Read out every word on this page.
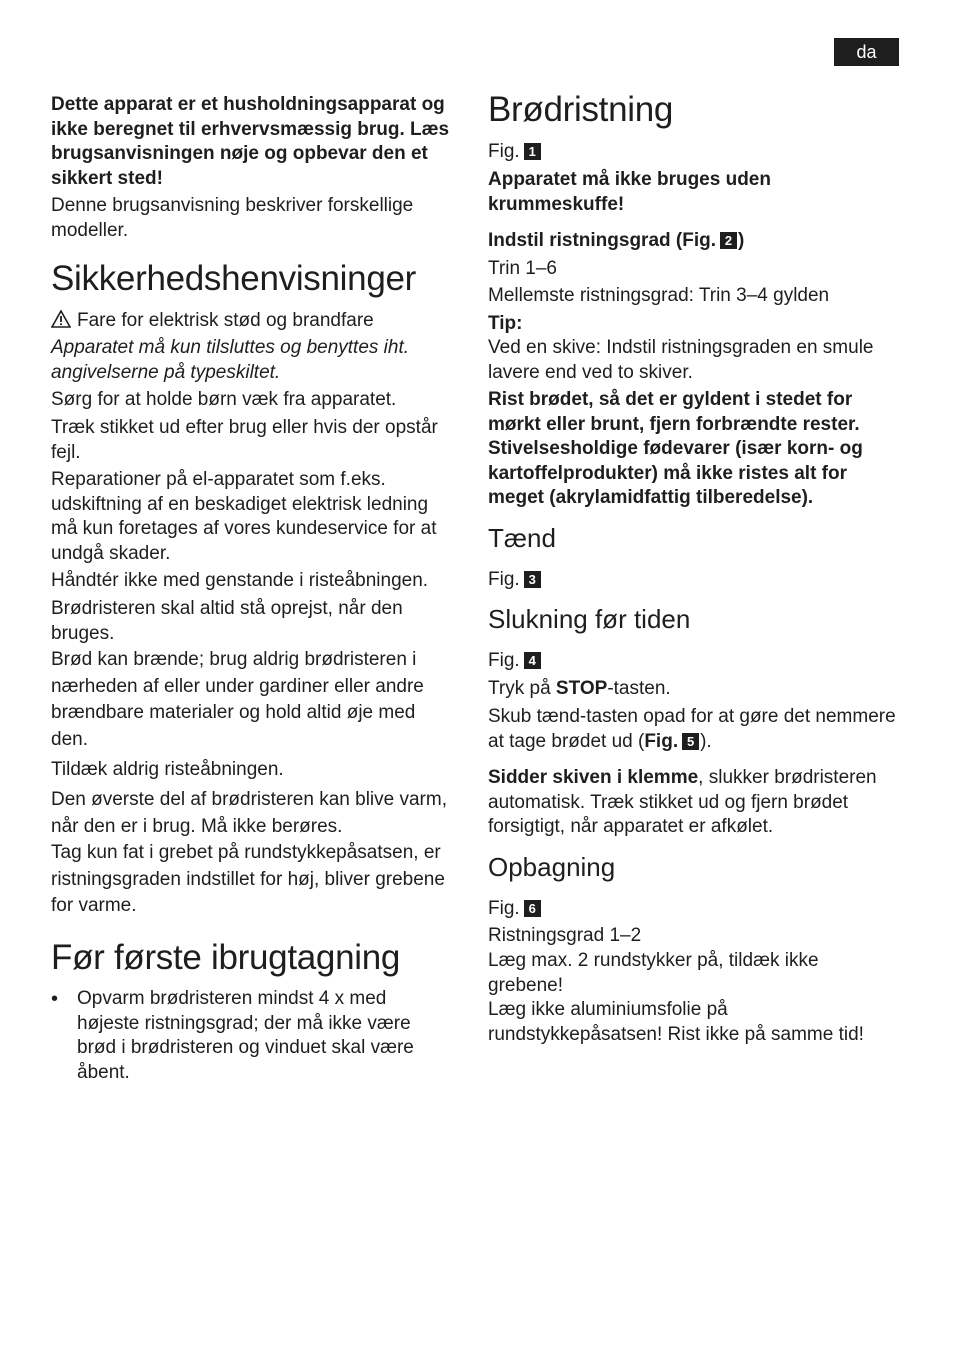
da

Dette apparat er et husholdningsapparat og ikke beregnet til erhvervsmæssig brug. Læs brugsanvisningen nøje og opbevar den et sikkert sted!

Denne brugsanvisning beskriver forskellige modeller.

Sikkerhedshenvisninger

Fare for elektrisk stød og brandfare

Apparatet må kun tilsluttes og benyttes iht. angivelserne på typeskiltet.

Sørg for at holde børn væk fra apparatet.

Træk stikket ud efter brug eller hvis der opstår fejl.

Reparationer på el-apparatet som f.eks. udskiftning af en beskadiget elektrisk ledning må kun foretages af vores kundeservice for at undgå skader.

Håndtér ikke med genstande i risteåbningen.

Brødristeren skal altid stå oprejst, når den bruges.

Brød kan brænde; brug aldrig brødristeren i nærheden af eller under gardiner eller andre brændbare materialer og hold altid øje med den.

Tildæk aldrig risteåbningen.

Den øverste del af brødristeren kan blive varm, når den er i brug. Må ikke berøres.

Tag kun fat i grebet på rundstykkepåsatsen, er ristningsgraden indstillet for høj, bliver grebene for varme.

Før første ibrugtagning
• Opvarm brødristeren mindst 4 x med højeste ristningsgrad; der må ikke være brød i brødristeren og vinduet skal være åbent.
Brødristning

Fig. 1

Apparatet må ikke bruges uden krummeskuffe!

Indstil ristningsgrad (Fig. 2 )

Trin 1–6

Mellemste ristningsgrad: Trin 3–4 gylden

Tip:

Ved en skive: Indstil ristningsgraden en smule lavere end ved to skiver.

Rist brødet, så det er gyldent i stedet for mørkt eller brunt, fjern forbrændte rester. Stivelsesholdige fødevarer (især korn- og kartoffelprodukter) må ikke ristes alt for meget (akrylamidfattig tilberedelse).

Tænd

Fig. 3

Slukning før tiden

Fig. 4

Tryk på STOP-tasten.

Skub tænd-tasten opad for at gøre det nemmere at tage brødet ud (Fig. 5 ).

Sidder skiven i klemme, slukker brødristeren automatisk. Træk stikket ud og fjern brødet forsigtigt, når apparatet er afkølet.

Opbagning

Fig. 6

Ristningsgrad 1–2

Læg max. 2 rundstykker på, tildæk ikke grebene!

Læg ikke aluminiumsfolie på rundstykkepåsatsen! Rist ikke på samme tid!
